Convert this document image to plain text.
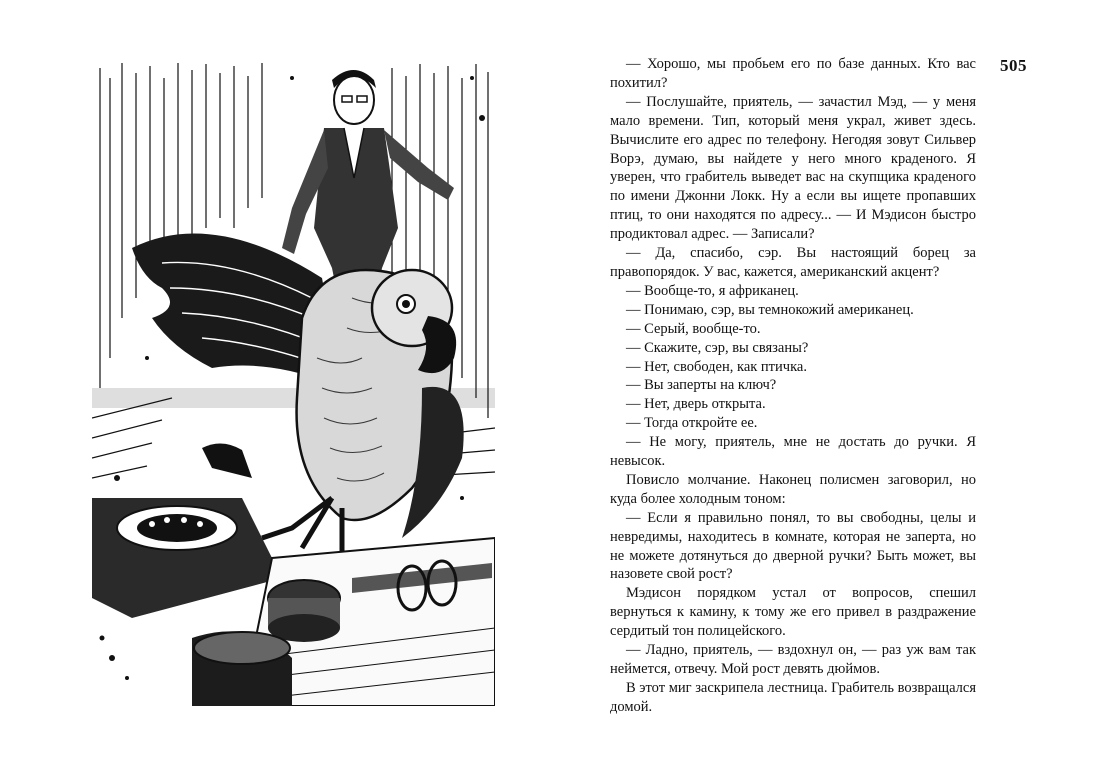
505

— Хорошо, мы пробьем его по базе данных. Кто вас похитил?

— Послушайте, приятель, — зачастил Мэд, — у меня мало времени. Тип, который меня украл, живет здесь. Вычислите его адрес по телефону. Негодяя зовут Сильвер Ворэ, думаю, вы найдете у него много краденого. Я уверен, что грабитель выведет вас на скупщика краденого по имени Джонни Локк. Ну а если вы ищете пропавших птиц, то они находятся по адресу... — И Мэдисон быстро продиктовал адрес. — Записали?

— Да, спасибо, сэр. Вы настоящий борец за правопорядок. У вас, кажется, американский акцент?

— Вообще-то, я африканец.

— Понимаю, сэр, вы темнокожий американец.

— Серый, вообще-то.

— Скажите, сэр, вы связаны?

— Нет, свободен, как птичка.

— Вы заперты на ключ?

— Нет, дверь открыта.

— Тогда откройте ее.

— Не могу, приятель, мне не достать до ручки. Я невысок.

Повисло молчание. Наконец полисмен заговорил, но куда более холодным тоном:

— Если я правильно понял, то вы свободны, целы и невредимы, находитесь в комнате, которая не заперта, но не можете дотянуться до дверной ручки? Быть может, вы назовете свой рост?

Мэдисон порядком устал от вопросов, спешил вернуться к камину, к тому же его привел в раздражение сердитый тон полицейского.

— Ладно, приятель, — вздохнул он, — раз уж вам так неймется, отвечу. Мой рост девять дюймов.

В этот миг заскрипела лестница. Грабитель возвращался домой.
